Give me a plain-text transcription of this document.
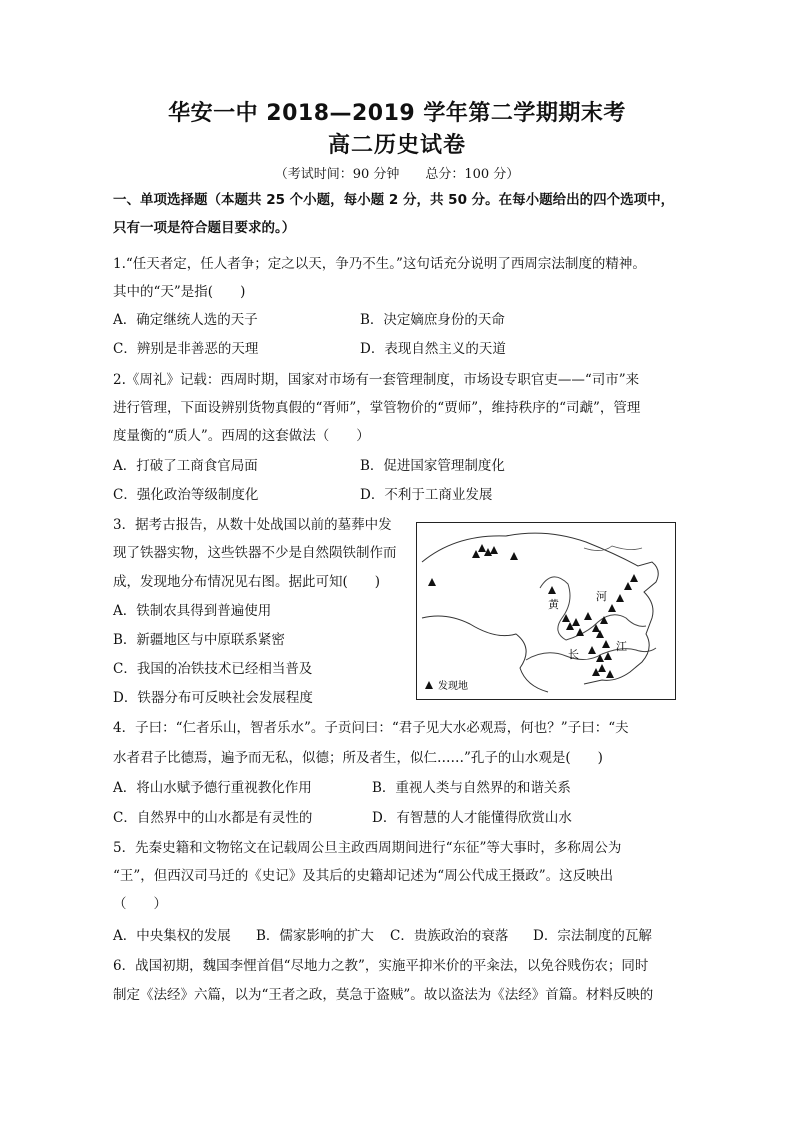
华安一中 2018—2019 学年第二学期期末考
高二历史试卷
（考试时间：90 分钟　　总分：100 分）
一、单项选择题（本题共 25 个小题，每小题 2 分，共 50 分。在每小题给出的四个选项中，
只有一项是符合题目要求的。）
1.“任天者定，任人者争；定之以天，争乃不生。”这句话充分说明了西周宗法制度的精神。
其中的“天”是指(　　)
A．确定继统人选的天子	B．决定嫡庶身份的天命
C．辨别是非善恶的天理	D．表现自然主义的天道
2.《周礼》记载：西周时期，国家对市场有一套管理制度，市场设专职官吏——“司市”来
进行管理，下面设辨别货物真假的“胥师”，掌管物价的“贾师”，维持秩序的“司虣”，管理
度量衡的“质人”。西周的这套做法（　　）
A．打破了工商食官局面	B．促进国家管理制度化
C．强化政治等级制度化	D．不利于工商业发展
3．据考古报告，从数十处战国以前的墓葬中发
现了铁器实物，这些铁器不少是自然陨铁制作而
成，发现地分布情况见右图。据此可知(　　)
A．铁制农具得到普遍使用
B．新疆地区与中原联系紧密
C．我国的冶铁技术已经相当普及
D．铁器分布可反映社会发展程度
黄
河
长
江
发现地
4．子曰：“仁者乐山，智者乐水”。子贡问曰：“君子见大水必观焉，何也？”子曰：“夫
水者君子比德焉，遍予而无私，似德；所及者生，似仁……”孔子的山水观是(　　)
A．将山水赋予德行重视教化作用	B．重视人类与自然界的和谐关系
C．自然界中的山水都是有灵性的	D．有智慧的人才能懂得欣赏山水
5．先秦史籍和文物铭文在记载周公旦主政西周期间进行“东征”等大事时，多称周公为
“王”，但西汉司马迁的《史记》及其后的史籍却记述为“周公代成王摄政”。这反映出
（　　）
A．中央集权的发展 B．儒家影响的扩大 C．贵族政治的衰落 D．宗法制度的瓦解
6．战国初期，魏国李悝首倡“尽地力之教”，实施平抑米价的平籴法，以免谷贱伤农；同时
制定《法经》六篇，以为“王者之政，莫急于盗贼”。故以盗法为《法经》首篇。材料反映的
